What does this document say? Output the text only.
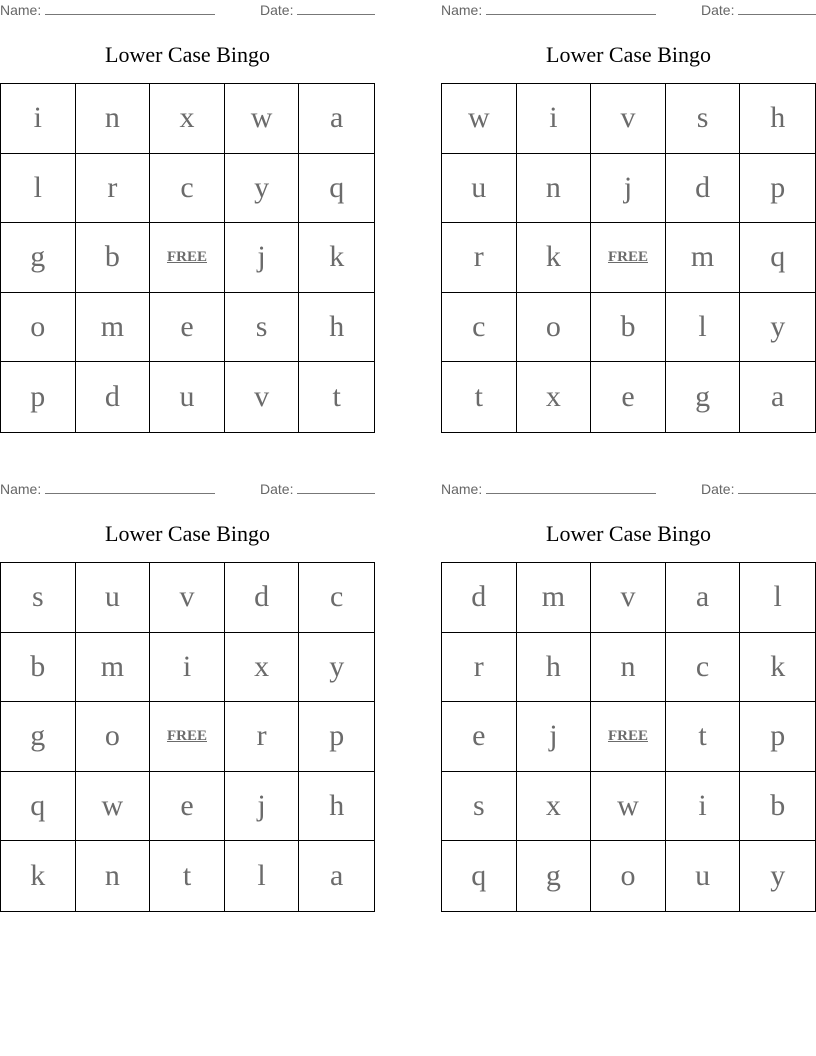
Name:	Date:
Lower Case Bingo
i	n	x	w	a
l	r	c	y	q
g	b	FREE	j	k
o	m	e	s	h
p	d	u	v	t
Name:	Date:
Lower Case Bingo
w	i	v	s	h
u	n	j	d	p
r	k	FREE	m	q
c	o	b	l	y
t	x	e	g	a
Name:	Date:
Lower Case Bingo
s	u	v	d	c
b	m	i	x	y
g	o	FREE	r	p
q	w	e	j	h
k	n	t	l	a
Name:	Date:
Lower Case Bingo
d	m	v	a	l
r	h	n	c	k
e	j	FREE	t	p
s	x	w	i	b
q	g	o	u	y
